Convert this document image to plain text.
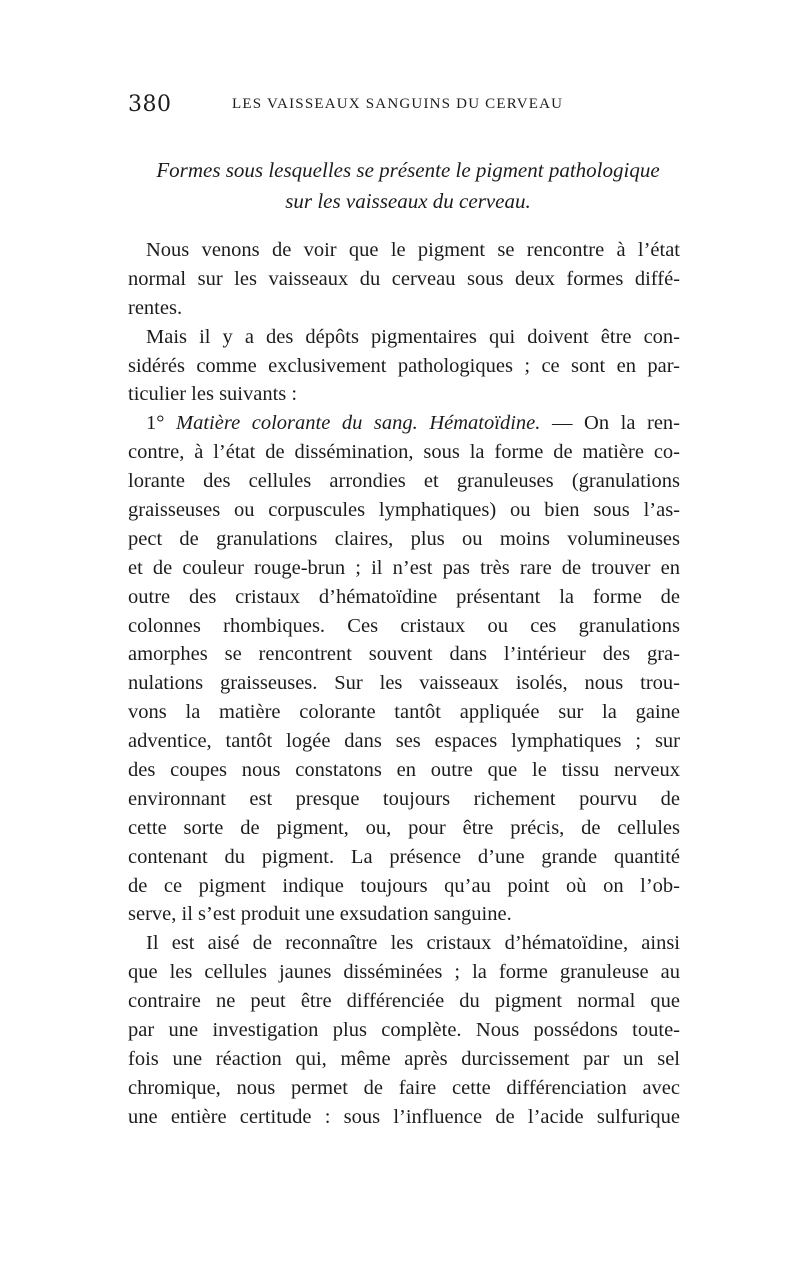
380	LES VAISSEAUX SANGUINS DU CERVEAU
Formes sous lesquelles se présente le pigment pathologique
sur les vaisseaux du cerveau.
Nous venons de voir que le pigment se rencontre à l’état
normal sur les vaisseaux du cerveau sous deux formes diffé-
rentes.
Mais il y a des dépôts pigmentaires qui doivent être con-
sidérés comme exclusivement pathologiques ; ce sont en par-
ticulier les suivants :
1° Matière colorante du sang. Hématoïdine. — On la ren-
contre, à l’état de dissémination, sous la forme de matière co-
lorante des cellules arrondies et granuleuses (granulations
graisseuses ou corpuscules lymphatiques) ou bien sous l’as-
pect de granulations claires, plus ou moins volumineuses
et de couleur rouge-brun ; il n’est pas très rare de trouver en
outre des cristaux d’hématoïdine présentant la forme de
colonnes rhombiques. Ces cristaux ou ces granulations
amorphes se rencontrent souvent dans l’intérieur des gra-
nulations graisseuses. Sur les vaisseaux isolés, nous trou-
vons la matière colorante tantôt appliquée sur la gaine
adventice, tantôt logée dans ses espaces lymphatiques ; sur
des coupes nous constatons en outre que le tissu nerveux
environnant est presque toujours richement pourvu de
cette sorte de pigment, ou, pour être précis, de cellules
contenant du pigment. La présence d’une grande quantité
de ce pigment indique toujours qu’au point où on l’ob-
serve, il s’est produit une exsudation sanguine.
Il est aisé de reconnaître les cristaux d’hématoïdine, ainsi
que les cellules jaunes disséminées ; la forme granuleuse au
contraire ne peut être différenciée du pigment normal que
par une investigation plus complète. Nous possédons toute-
fois une réaction qui, même après durcissement par un sel
chromique, nous permet de faire cette différenciation avec
une entière certitude : sous l’influence de l’acide sulfurique
